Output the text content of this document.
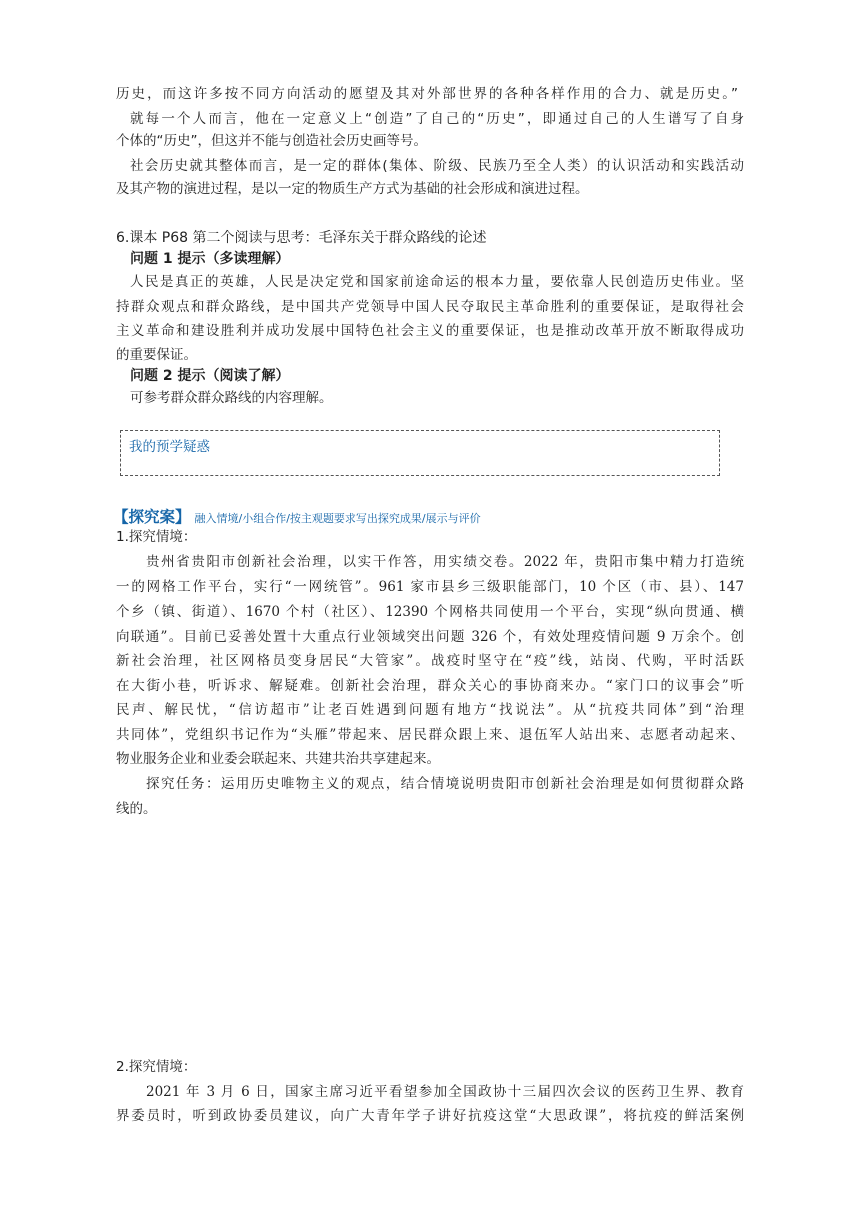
历史，而这许多按不同方向活动的愿望及其对外部世界的各种各样作用的合力、就是历史。”
就每一个人而言，他在一定意义上“创造”了自己的“历史”，即通过自己的人生谱写了自身
个体的“历史”，但这并不能与创造社会历史画等号。
社会历史就其整体而言，是一定的群体(集体、阶级、民族乃至全人类）的认识活动和实践活动
及其产物的演进过程，是以一定的物质生产方式为基础的社会形成和演进过程。
6.课本 P68 第二个阅读与思考：毛泽东关于群众路线的论述
问题 1 提示（多读理解）
人民是真正的英雄，人民是决定党和国家前途命运的根本力量，要依靠人民创造历史伟业。坚
持群众观点和群众路线，是中国共产党领导中国人民夺取民主革命胜利的重要保证，是取得社会
主义革命和建设胜利并成功发展中国特色社会主义的重要保证，也是推动改革开放不断取得成功
的重要保证。
问题 2 提示（阅读了解）
可参考群众群众路线的内容理解。
我的预学疑惑
【探究案】 融入情境/小组合作/按主观题要求写出探究成果/展示与评价
1.探究情境：
贵州省贵阳市创新社会治理，以实干作答，用实绩交卷。2022 年，贵阳市集中精力打造统
一的网格工作平台，实行“一网统管”。961 家市县乡三级职能部门，10 个区（市、县）、147
个乡（镇、街道）、1670 个村（社区）、12390 个网格共同使用一个平台，实现“纵向贯通、横
向联通”。目前已妥善处置十大重点行业领域突出问题 326 个，有效处理疫情问题 9 万余个。创
新社会治理，社区网格员变身居民“大管家”。战疫时坚守在“疫”线，站岗、代购，平时活跃
在大街小巷，听诉求、解疑难。创新社会治理，群众关心的事协商来办。“家门口的议事会”听
民声、解民忧，“信访超市”让老百姓遇到问题有地方“找说法”。从“抗疫共同体”到“治理
共同体”，党组织书记作为“头雁”带起来、居民群众跟上来、退伍军人站出来、志愿者动起来、
物业服务企业和业委会联起来、共建共治共享建起来。
探究任务：运用历史唯物主义的观点，结合情境说明贵阳市创新社会治理是如何贯彻群众路
线的。
2.探究情境：
2021 年 3 月 6 日，国家主席习近平看望参加全国政协十三届四次会议的医药卫生界、教育
界委员时，听到政协委员建议，向广大青年学子讲好抗疫这堂“大思政课”，将抗疫的鲜活案例
